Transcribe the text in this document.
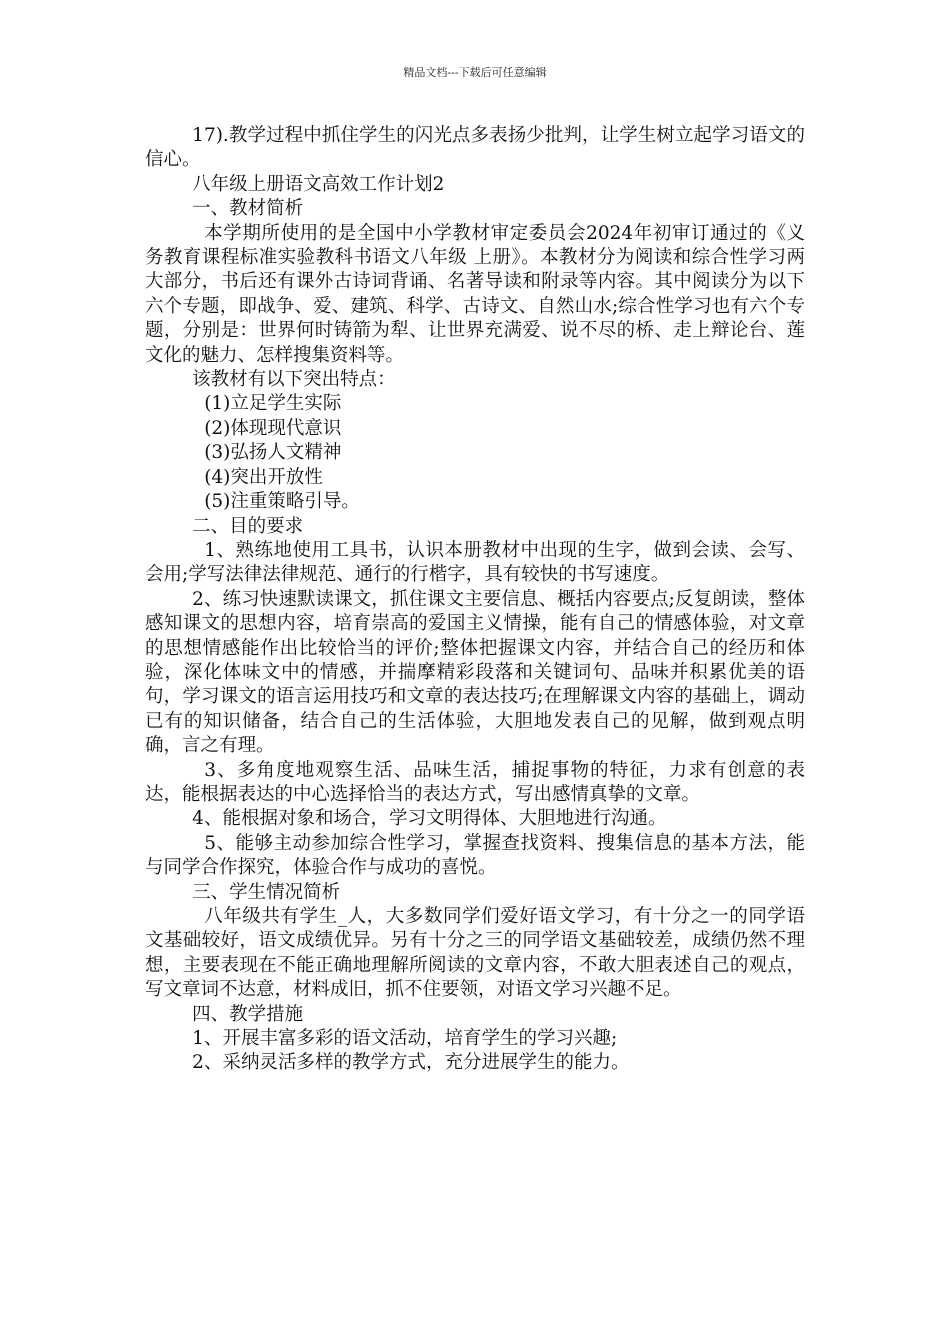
精品文档---下载后可任意编辑

17).教学过程中抓住学生的闪光点多表扬少批判，让学生树立起学习语文的信心。

八年级上册语文高效工作计划2

一、教材简析

本学期所使用的是全国中小学教材审定委员会2024年初审订通过的《义务教育课程标准实验教科书语文八年级 上册》。本教材分为阅读和综合性学习两大部分，书后还有课外古诗词背诵、名著导读和附录等内容。其中阅读分为以下六个专题，即战争、爱、建筑、科学、古诗文、自然山水;综合性学习也有六个专题，分别是：世界何时铸箭为犁、让世界充满爱、说不尽的桥、走上辩论台、莲文化的魅力、怎样搜集资料等。

该教材有以下突出特点：

(1)立足学生实际

(2)体现现代意识

(3)弘扬人文精神

(4)突出开放性

(5)注重策略引导。

二、目的要求

1、熟练地使用工具书，认识本册教材中出现的生字，做到会读、会写、会用;学写法律法律规范、通行的行楷字，具有较快的书写速度。

2、练习快速默读课文，抓住课文主要信息、概括内容要点;反复朗读，整体感知课文的思想内容，培育崇高的爱国主义情操，能有自己的情感体验，对文章的思想情感能作出比较恰当的评价;整体把握课文内容，并结合自己的经历和体验，深化体味文中的情感，并揣摩精彩段落和关键词句、品味并积累优美的语句，学习课文的语言运用技巧和文章的表达技巧;在理解课文内容的基础上，调动已有的知识储备，结合自己的生活体验，大胆地发表自己的见解，做到观点明确，言之有理。

3、多角度地观察生活、品味生活，捕捉事物的特征，力求有创意的表达，能根据表达的中心选择恰当的表达方式，写出感情真挚的文章。

4、能根据对象和场合，学习文明得体、大胆地进行沟通。

5、能够主动参加综合性学习，掌握查找资料、搜集信息的基本方法，能与同学合作探究，体验合作与成功的喜悦。

三、学生情况简析

八年级共有学生_人，大多数同学们爱好语文学习，有十分之一的同学语文基础较好，语文成绩优异。另有十分之三的同学语文基础较差，成绩仍然不理想，主要表现在不能正确地理解所阅读的文章内容，不敢大胆表述自己的观点，写文章词不达意，材料成旧，抓不住要领，对语文学习兴趣不足。

四、教学措施

1、开展丰富多彩的语文活动，培育学生的学习兴趣;

2、采纳灵活多样的教学方式，充分进展学生的能力。
